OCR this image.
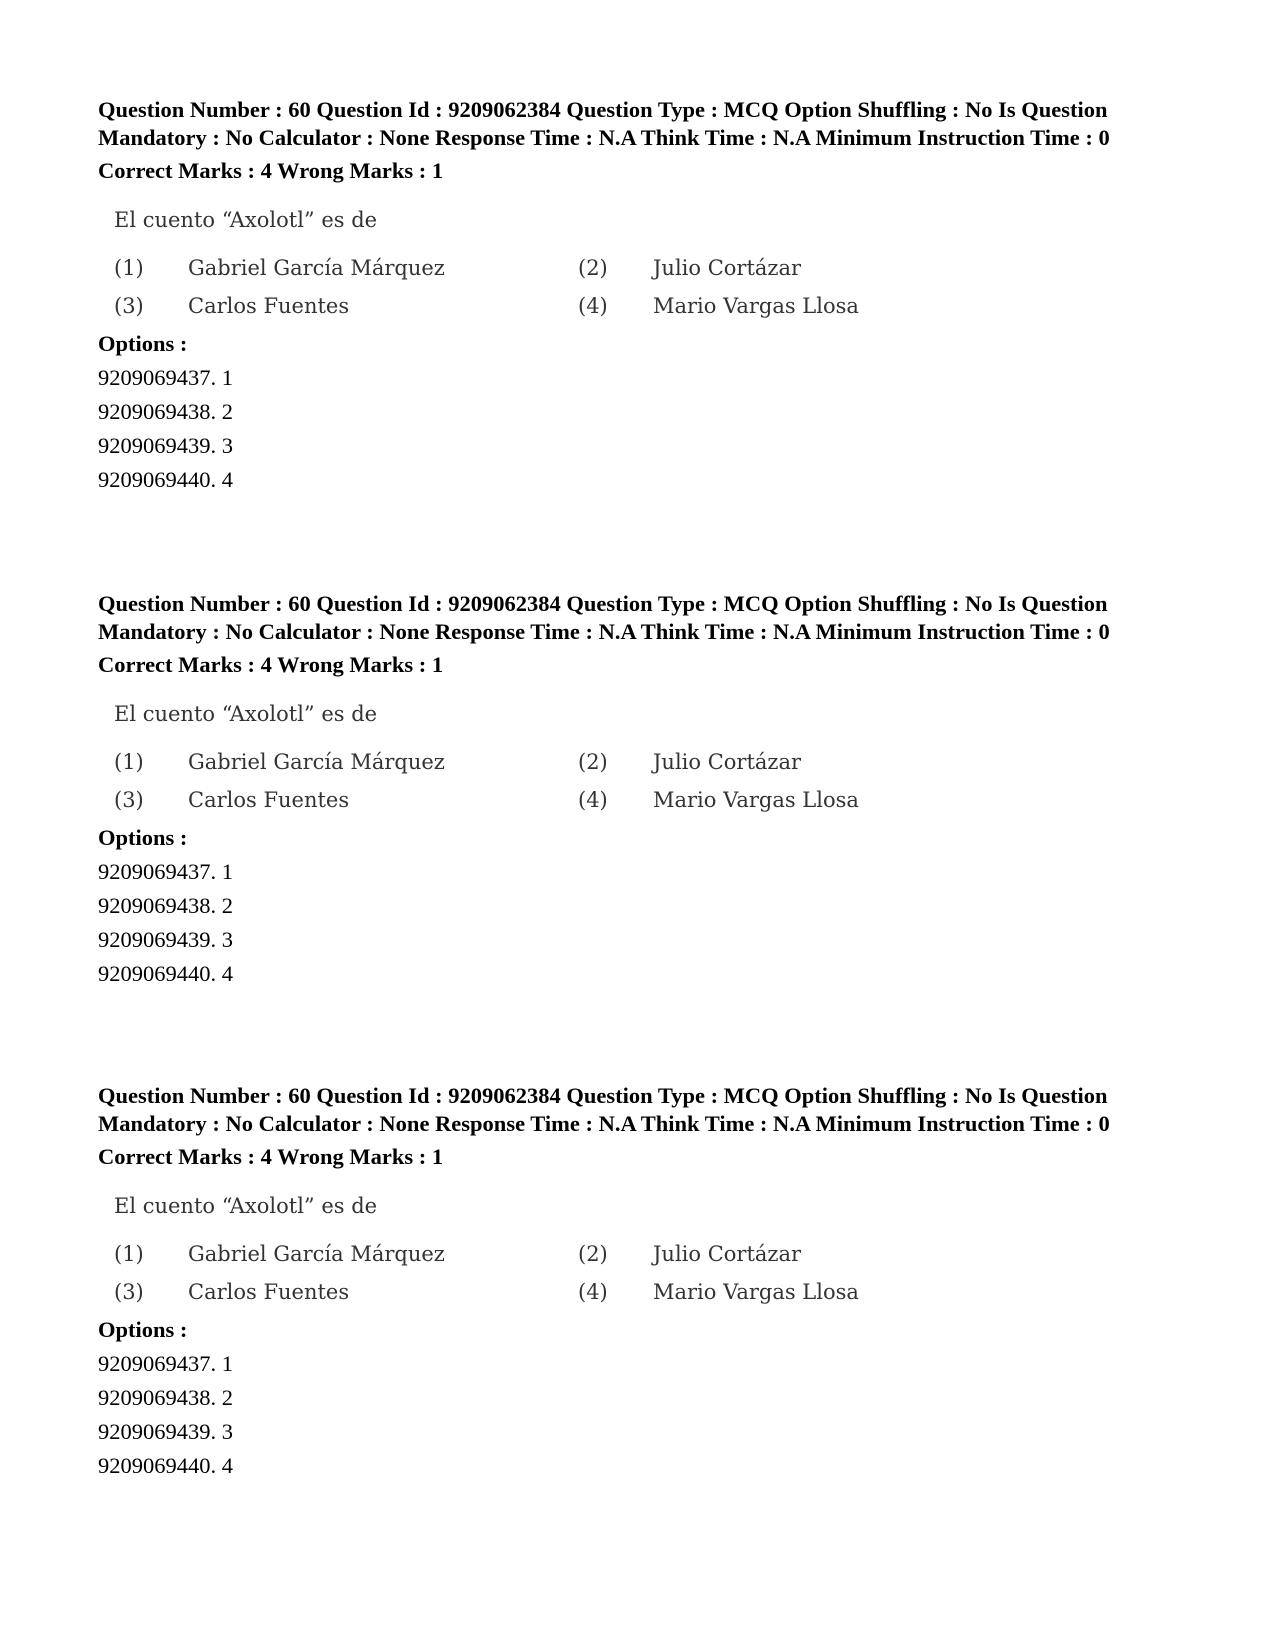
Question Number : 60 Question Id : 9209062384 Question Type : MCQ Option Shuffling : No Is Question Mandatory : No Calculator : None Response Time : N.A Think Time : N.A Minimum Instruction Time : 0

Correct Marks : 4 Wrong Marks : 1
El cuento “Axolotl” es de
(1) Gabriel García Márquez	(2) Julio Cortázar
(3) Carlos Fuentes	(4) Mario Vargas Llosa
Options :
9209069437. 1
9209069438. 2
9209069439. 3
9209069440. 4

Question Number : 60 Question Id : 9209062384 Question Type : MCQ Option Shuffling : No Is Question Mandatory : No Calculator : None Response Time : N.A Think Time : N.A Minimum Instruction Time : 0

Correct Marks : 4 Wrong Marks : 1
El cuento “Axolotl” es de
(1) Gabriel García Márquez	(2) Julio Cortázar
(3) Carlos Fuentes	(4) Mario Vargas Llosa
Options :
9209069437. 1
9209069438. 2
9209069439. 3
9209069440. 4

Question Number : 60 Question Id : 9209062384 Question Type : MCQ Option Shuffling : No Is Question Mandatory : No Calculator : None Response Time : N.A Think Time : N.A Minimum Instruction Time : 0

Correct Marks : 4 Wrong Marks : 1
El cuento “Axolotl” es de
(1) Gabriel García Márquez	(2) Julio Cortázar
(3) Carlos Fuentes	(4) Mario Vargas Llosa
Options :
9209069437. 1
9209069438. 2
9209069439. 3
9209069440. 4
